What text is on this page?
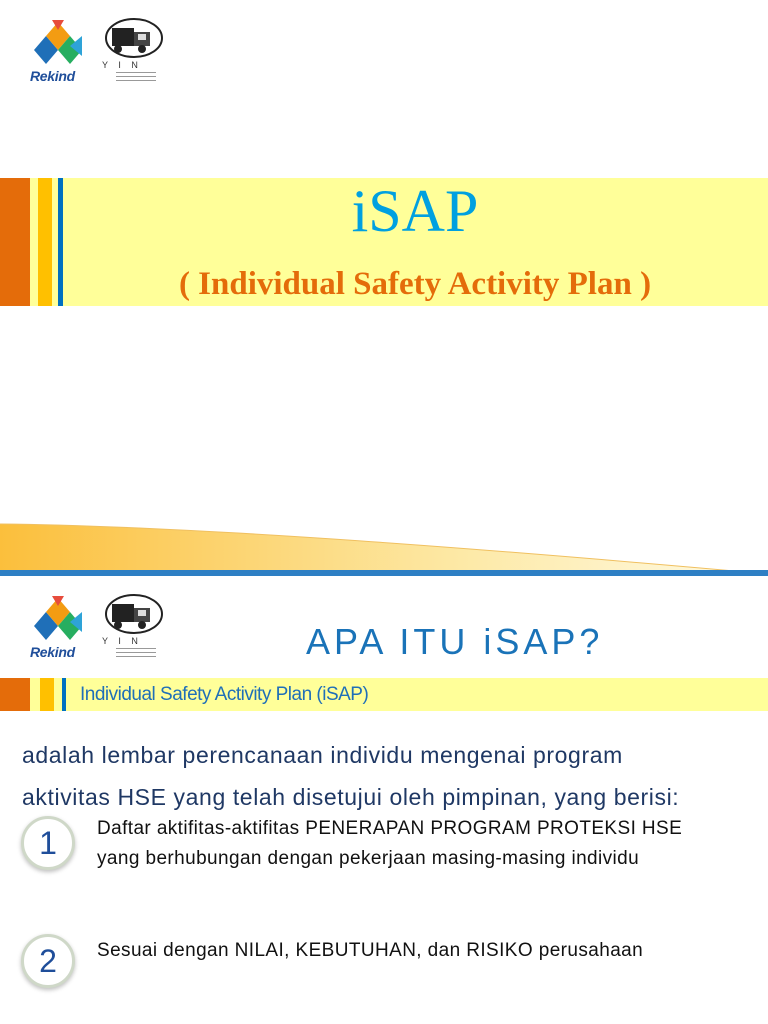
Rekind
Y I N
iSAP
( Individual Safety Activity Plan )
Rekind
Y I N	APA ITU iSAP?
Individual Safety Activity Plan (iSAP)
adalah lembar perencanaan individu mengenai program
aktivitas HSE yang telah disetujui oleh pimpinan, yang berisi:
1	Daftar aktifitas-aktifitas PENERAPAN PROGRAM PROTEKSI HSE
yang berhubungan dengan pekerjaan masing-masing individu
2	Sesuai dengan NILAI, KEBUTUHAN, dan RISIKO perusahaan
